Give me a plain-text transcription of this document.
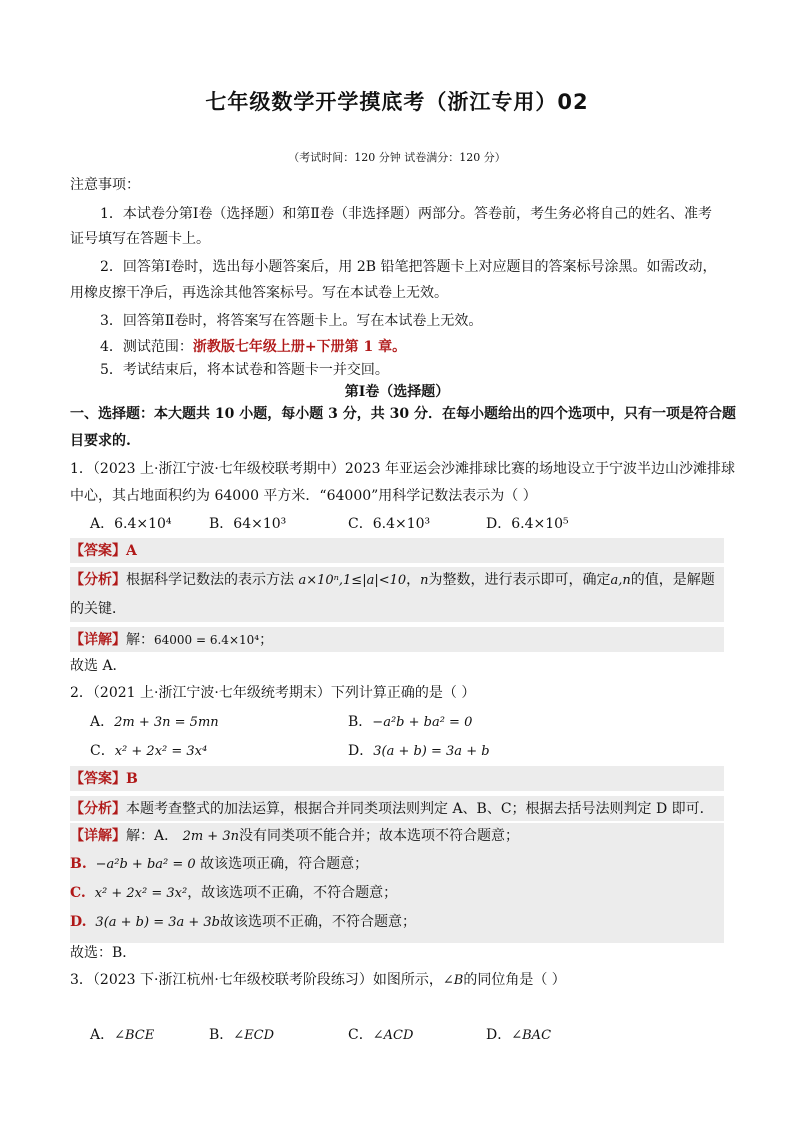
七年级数学开学摸底考（浙江专用）02
（考试时间：120 分钟 试卷满分：120 分）
注意事项：
1．本试卷分第Ⅰ卷（选择题）和第Ⅱ卷（非选择题）两部分。答卷前，考生务必将自己的姓名、准考
证号填写在答题卡上。
2．回答第Ⅰ卷时，选出每小题答案后，用 2B 铅笔把答题卡上对应题目的答案标号涂黑。如需改动，
用橡皮擦干净后，再选涂其他答案标号。写在本试卷上无效。
3．回答第Ⅱ卷时，将答案写在答题卡上。写在本试卷上无效。
4．测试范围：浙教版七年级上册+下册第 1 章。
5．考试结束后，将本试卷和答题卡一并交回。
第Ⅰ卷（选择题）
一、选择题：本大题共 10 小题，每小题 3 分，共 30 分．在每小题给出的四个选项中，只有一项是符合题
目要求的.
1．（2023 上·浙江宁波·七年级校联考期中）2023 年亚运会沙滩排球比赛的场地设立于宁波半边山沙滩排球
中心，其占地面积约为 64000 平方米．“64000”用科学记数法表示为（ ）
A．6.4×10⁴	B．64×10³	C．6.4×10³	D．6.4×10⁵
【答案】A
【分析】根据科学记数法的表示方法 a×10ⁿ,1≤|a|<10，n为整数，进行表示即可，确定a,n的值，是解题
的关键．
【详解】解：64000 = 6.4×10⁴；
故选 A．
2．（2021 上·浙江宁波·七年级统考期末）下列计算正确的是（ ）
A．2m + 3n = 5mn	B．−a²b + ba² = 0
C．x² + 2x² = 3x⁴	D．3(a + b) = 3a + b
【答案】B
【分析】本题考查整式的加法运算，根据合并同类项法则判定 A、B、C；根据去括号法则判定 D 即可．
【详解】解：A． 2m + 3n没有同类项不能合并；故本选项不符合题意；
B. −a²b + ba² = 0 故该选项正确，符合题意；
C. x² + 2x² = 3x²，故该选项不正确，不符合题意；
D. 3(a + b) = 3a + 3b故该选项不正确，不符合题意；
故选：B．
3．（2023 下·浙江杭州·七年级校联考阶段练习）如图所示，∠B的同位角是（ ）
A．∠BCE	B．∠ECD	C．∠ACD	D．∠BAC
